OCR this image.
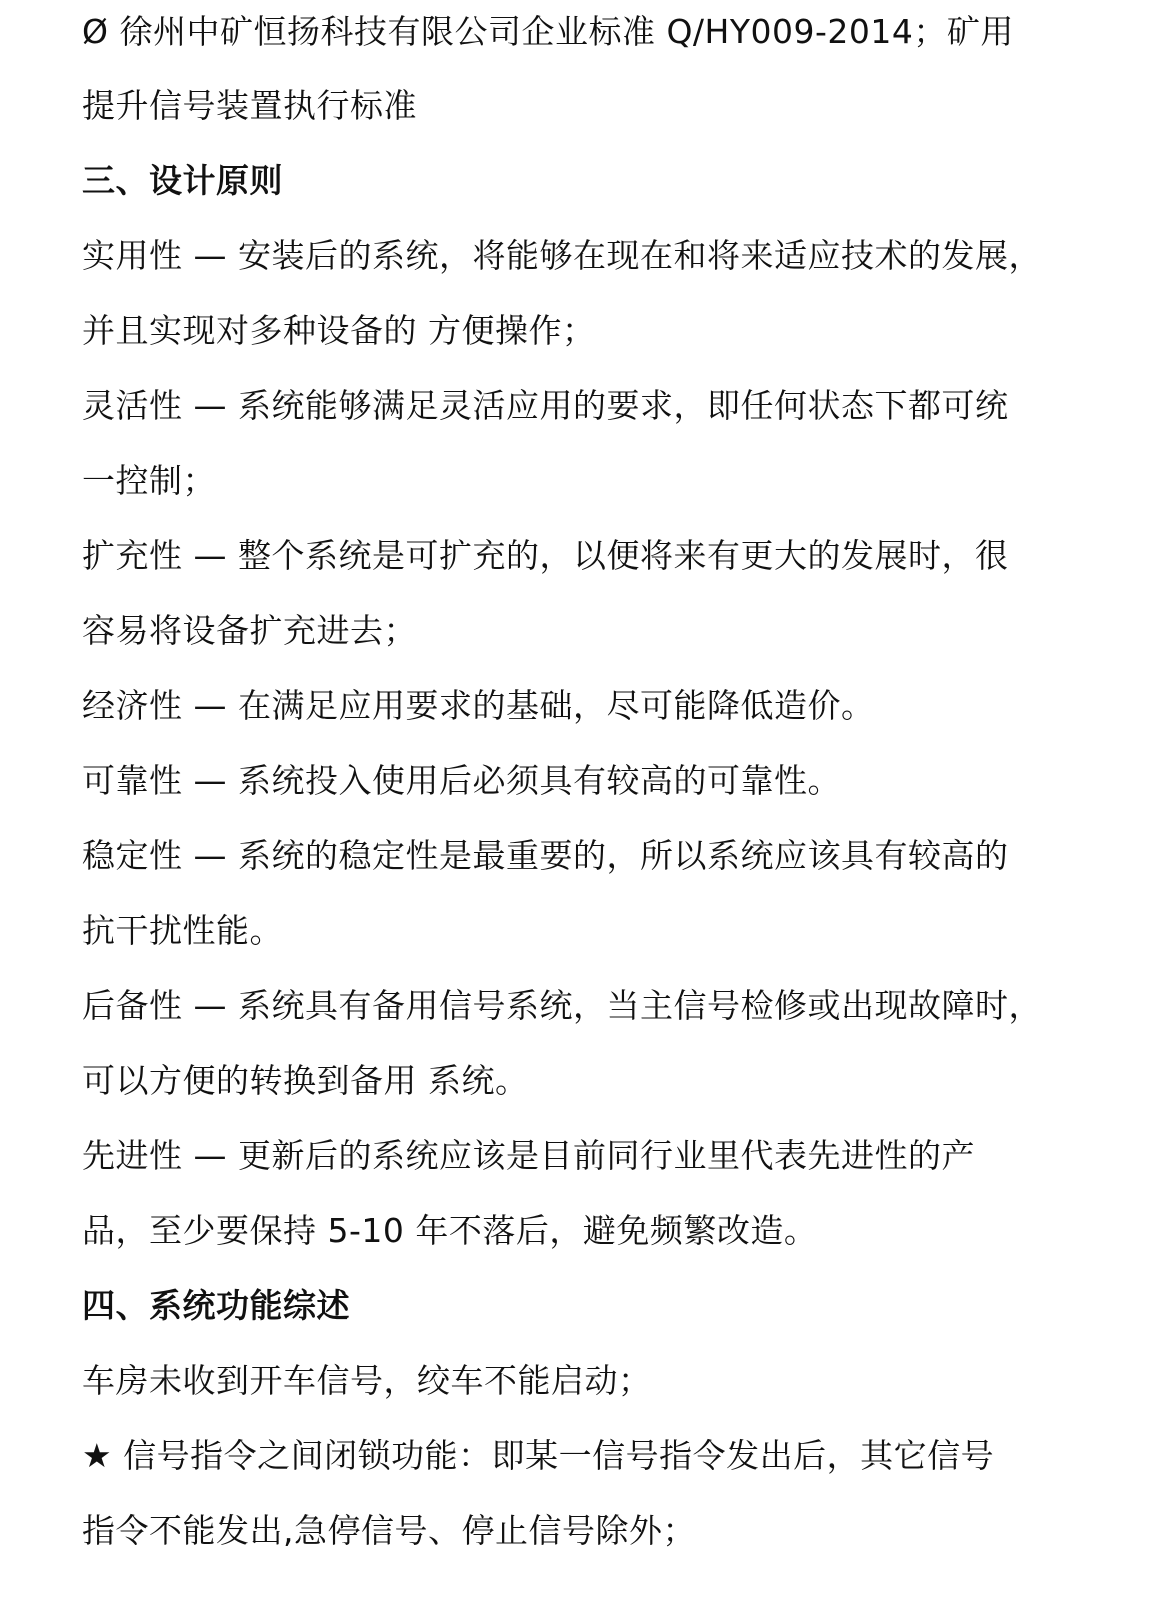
Ø 徐州中矿恒扬科技有限公司企业标准 Q/HY009-2014；矿用
提升信号装置执行标准
三、设计原则
实用性 — 安装后的系统，将能够在现在和将来适应技术的发展，
并且实现对多种设备的 方便操作；
灵活性 — 系统能够满足灵活应用的要求，即任何状态下都可统
一控制；
扩充性 — 整个系统是可扩充的，以便将来有更大的发展时，很
容易将设备扩充进去；
经济性 — 在满足应用要求的基础，尽可能降低造价。
可靠性 — 系统投入使用后必须具有较高的可靠性。
稳定性 — 系统的稳定性是最重要的，所以系统应该具有较高的
抗干扰性能。
后备性 — 系统具有备用信号系统，当主信号检修或出现故障时，
可以方便的转换到备用 系统。
先进性 — 更新后的系统应该是目前同行业里代表先进性的产
品，至少要保持 5-10 年不落后，避免频繁改造。
四、系统功能综述
车房未收到开车信号，绞车不能启动；
★ 信号指令之间闭锁功能：即某一信号指令发出后，其它信号
指令不能发出,急停信号、停止信号除外；
